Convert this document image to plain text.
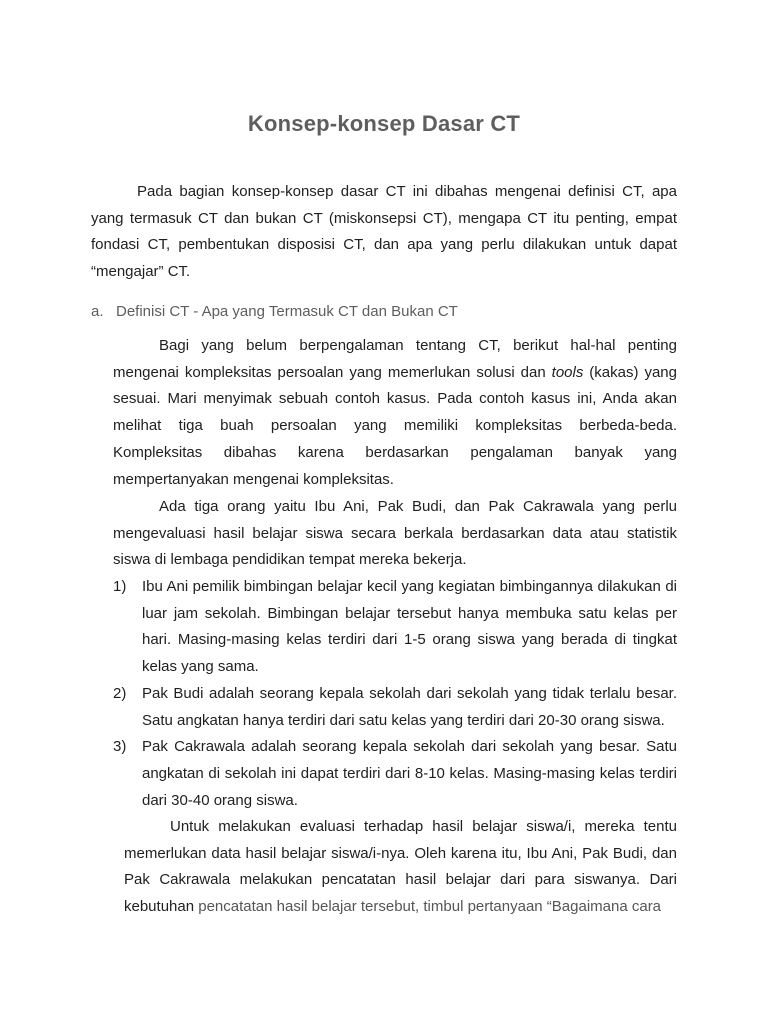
Konsep-konsep Dasar CT
Pada bagian konsep-konsep dasar CT ini dibahas mengenai definisi CT, apa yang termasuk CT dan bukan CT (miskonsepsi CT), mengapa CT itu penting, empat fondasi CT, pembentukan disposisi CT, dan apa yang perlu dilakukan untuk dapat “mengajar” CT.
a. Definisi CT - Apa yang Termasuk CT dan Bukan CT
Bagi yang belum berpengalaman tentang CT, berikut hal-hal penting mengenai kompleksitas persoalan yang memerlukan solusi dan tools (kakas) yang sesuai. Mari menyimak sebuah contoh kasus. Pada contoh kasus ini, Anda akan melihat tiga buah persoalan yang memiliki kompleksitas berbeda-beda. Kompleksitas dibahas karena berdasarkan pengalaman banyak yang mempertanyakan mengenai kompleksitas.
Ada tiga orang yaitu Ibu Ani, Pak Budi, dan Pak Cakrawala yang perlu mengevaluasi hasil belajar siswa secara berkala berdasarkan data atau statistik siswa di lembaga pendidikan tempat mereka bekerja.
1) Ibu Ani pemilik bimbingan belajar kecil yang kegiatan bimbingannya dilakukan di luar jam sekolah. Bimbingan belajar tersebut hanya membuka satu kelas per hari. Masing-masing kelas terdiri dari 1-5 orang siswa yang berada di tingkat kelas yang sama.
2) Pak Budi adalah seorang kepala sekolah dari sekolah yang tidak terlalu besar. Satu angkatan hanya terdiri dari satu kelas yang terdiri dari 20-30 orang siswa.
3) Pak Cakrawala adalah seorang kepala sekolah dari sekolah yang besar. Satu angkatan di sekolah ini dapat terdiri dari 8-10 kelas. Masing-masing kelas terdiri dari 30-40 orang siswa.
Untuk melakukan evaluasi terhadap hasil belajar siswa/i, mereka tentu memerlukan data hasil belajar siswa/i-nya. Oleh karena itu, Ibu Ani, Pak Budi, dan Pak Cakrawala melakukan pencatatan hasil belajar dari para siswanya. Dari kebutuhan pencatatan hasil belajar tersebut, timbul pertanyaan “Bagaimana cara
